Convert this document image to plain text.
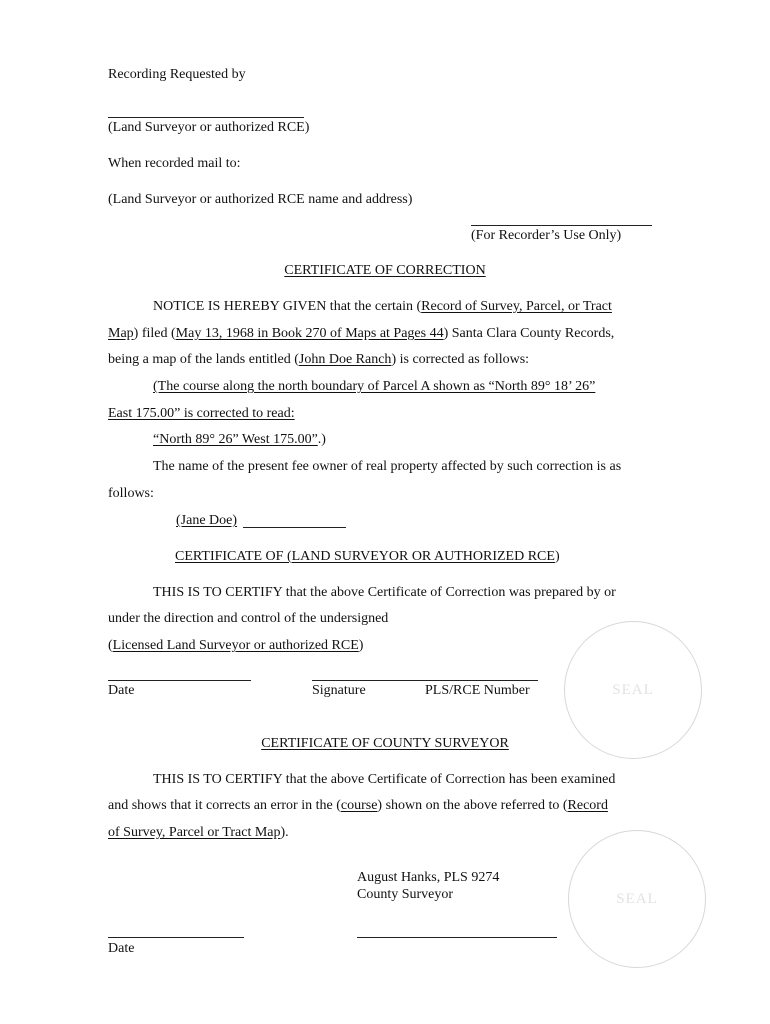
Recording Requested by
(Land Surveyor or authorized RCE)
When recorded mail to:
(Land Surveyor or authorized RCE name and address)
(For Recorder’s Use Only)
CERTIFICATE OF CORRECTION
NOTICE IS HEREBY GIVEN that the certain (Record of Survey, Parcel, or Tract
Map) filed (May 13, 1968 in Book 270 of Maps at Pages 44) Santa Clara County Records,
being a map of the lands entitled (John Doe Ranch) is corrected as follows:
(The course along the north boundary of Parcel A shown as “North 89° 18’ 26”
East 175.00” is corrected to read:
“North 89° 26” West 175.00”.)
The name of the present fee owner of real property affected by such correction is as
follows:
(Jane Doe)
CERTIFICATE OF (LAND SURVEYOR OR AUTHORIZED RCE)
THIS IS TO CERTIFY that the above Certificate of Correction was prepared by or
under the direction and control of the undersigned
(Licensed Land Surveyor or authorized RCE)
Date	Signature	PLS/RCE Number	SEAL
CERTIFICATE OF COUNTY SURVEYOR
THIS IS TO CERTIFY that the above Certificate of Correction has been examined
and shows that it corrects an error in the (course) shown on the above referred to (Record
of Survey, Parcel or Tract Map).
August Hanks, PLS 9274
County Surveyor
Date
SEAL
